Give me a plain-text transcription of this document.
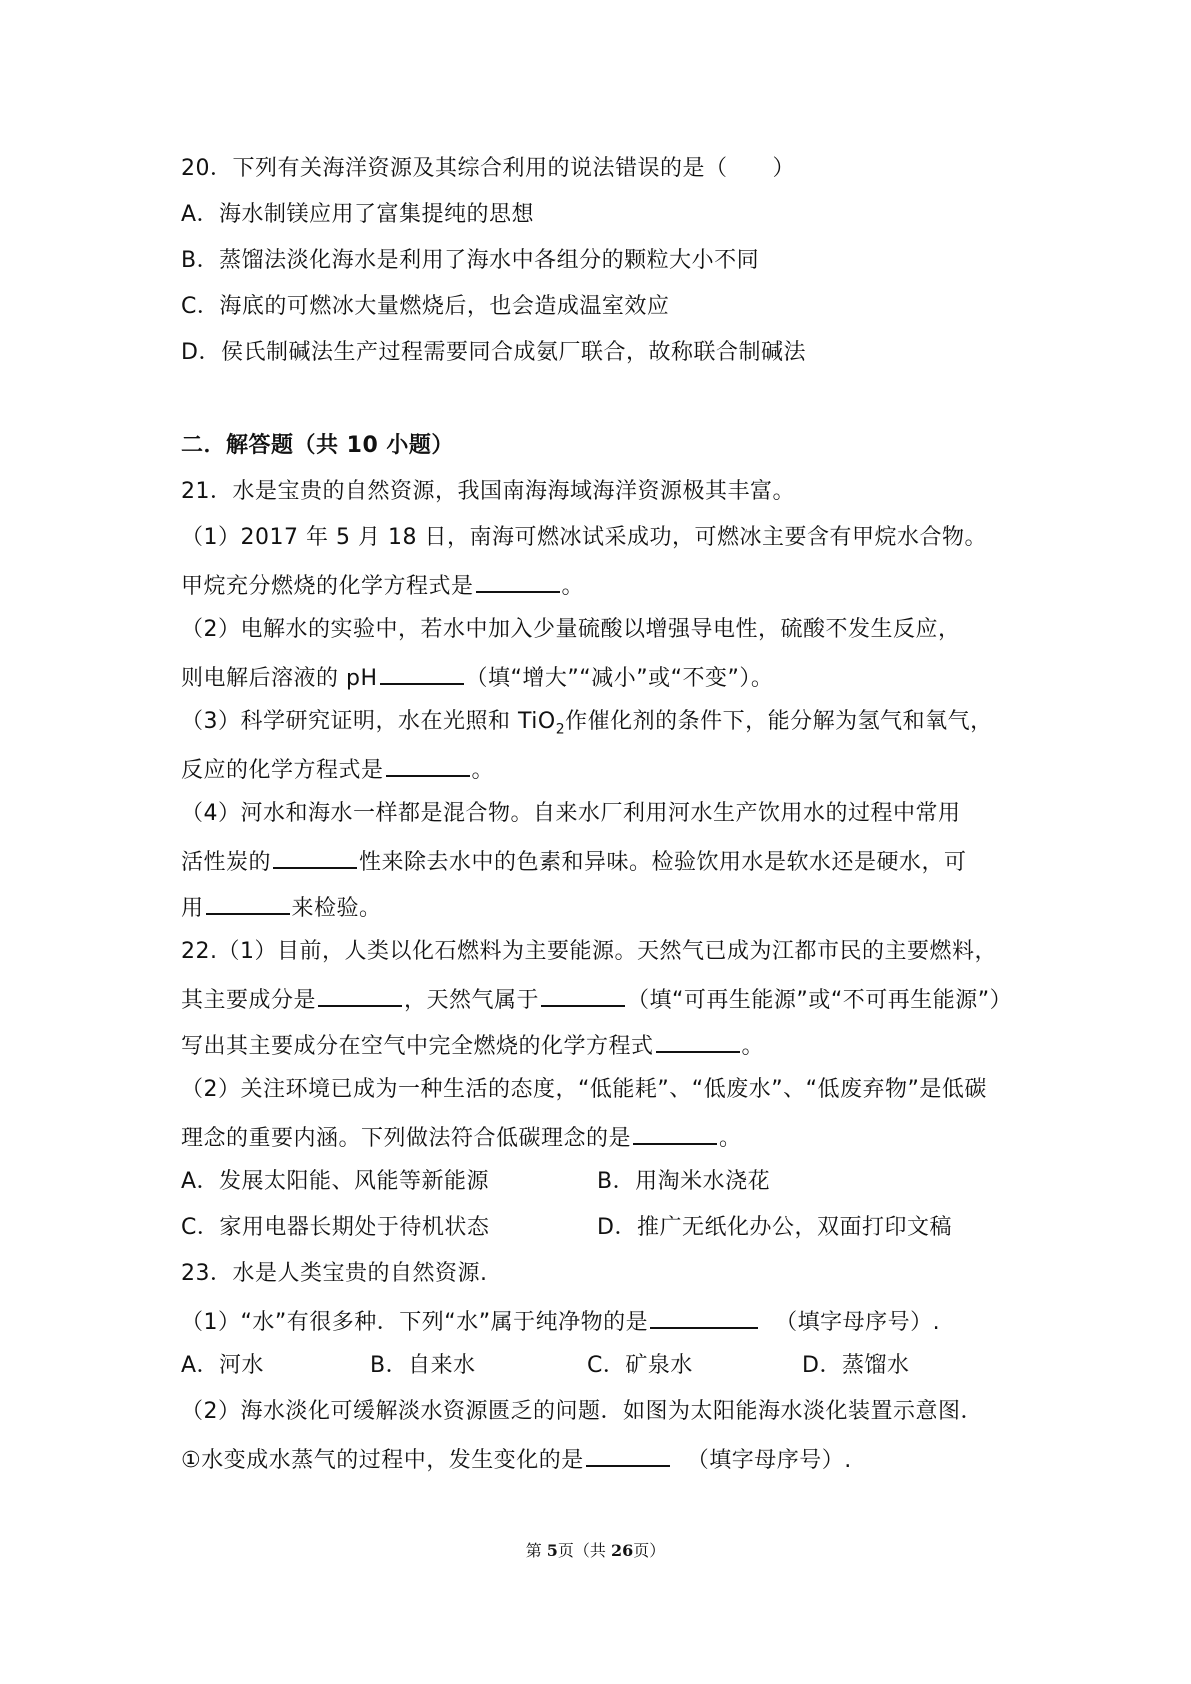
20．下列有关海洋资源及其综合利用的说法错误的是（　　）
A．海水制镁应用了富集提纯的思想
B．蒸馏法淡化海水是利用了海水中各组分的颗粒大小不同
C．海底的可燃冰大量燃烧后，也会造成温室效应
D．侯氏制碱法生产过程需要同合成氨厂联合，故称联合制碱法
二．解答题（共 10 小题）
21．水是宝贵的自然资源，我国南海海域海洋资源极其丰富。
（1）2017 年 5 月 18 日，南海可燃冰试采成功，可燃冰主要含有甲烷水合物。
甲烷充分燃烧的化学方程式是	。
（2）电解水的实验中，若水中加入少量硫酸以增强导电性，硫酸不发生反应，
则电解后溶液的 pH	（填“增大”“减小”或“不变”）。
（3）科学研究证明，水在光照和 TiO$_2$作催化剂的条件下，能分解为氢气和氧气，
反应的化学方程式是	。
（4）河水和海水一样都是混合物。自来水厂利用河水生产饮用水的过程中常用
活性炭的	性来除去水中的色素和异味。检验饮用水是软水还是硬水，可
用	来检验。
22.（1）目前，人类以化石燃料为主要能源。天然气已成为江都市民的主要燃料，
其主要成分是	，天然气属于	（填“可再生能源”或“不可再生能源”）
写出其主要成分在空气中完全燃烧的化学方程式	。
（2）关注环境已成为一种生活的态度，“低能耗”、“低废水”、“低废弃物”是低碳
理念的重要内涵。下列做法符合低碳理念的是	。
A．发展太阳能、风能等新能源	B．用淘米水浇花
C．家用电器长期处于待机状态	D．推广无纸化办公，双面打印文稿
23．水是人类宝贵的自然资源.
（1）“水”有很多种．下列“水”属于纯净物的是	（填字母序号）.
A．河水	B．自来水	C．矿泉水	D．蒸馏水
（2）海水淡化可缓解淡水资源匮乏的问题．如图为太阳能海水淡化装置示意图．
①水变成水蒸气的过程中，发生变化的是	（填字母序号）.
第 5页（共 26页）
